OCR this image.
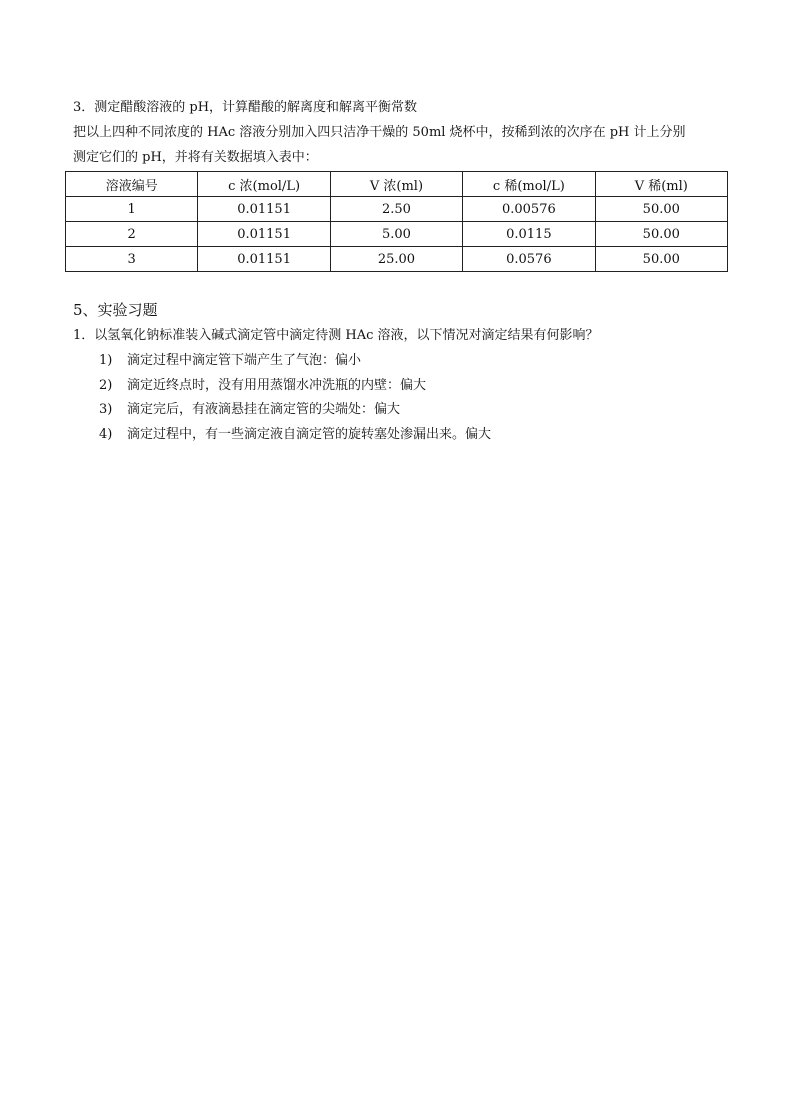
3．测定醋酸溶液的 pH，计算醋酸的解离度和解离平衡常数
把以上四种不同浓度的 HAc 溶液分别加入四只洁净干燥的 50ml 烧杯中，按稀到浓的次序在 pH 计上分别
测定它们的 pH，并将有关数据填入表中：
溶液编号	c 浓(mol/L)	V 浓(ml)	c 稀(mol/L)	V 稀(ml)
1	0.01151	2.50	0.00576	50.00
2	0.01151	5.00	0.0115	50.00
3	0.01151	25.00	0.0576	50.00
5、实验习题
1．以氢氧化钠标准装入碱式滴定管中滴定待测 HAc 溶液，以下情况对滴定结果有何影响？
1) 滴定过程中滴定管下端产生了气泡：偏小
2) 滴定近终点时，没有用用蒸馏水冲洗瓶的内壁：偏大
3) 滴定完后，有液滴悬挂在滴定管的尖端处：偏大
4) 滴定过程中，有一些滴定液自滴定管的旋转塞处渗漏出来。偏大
